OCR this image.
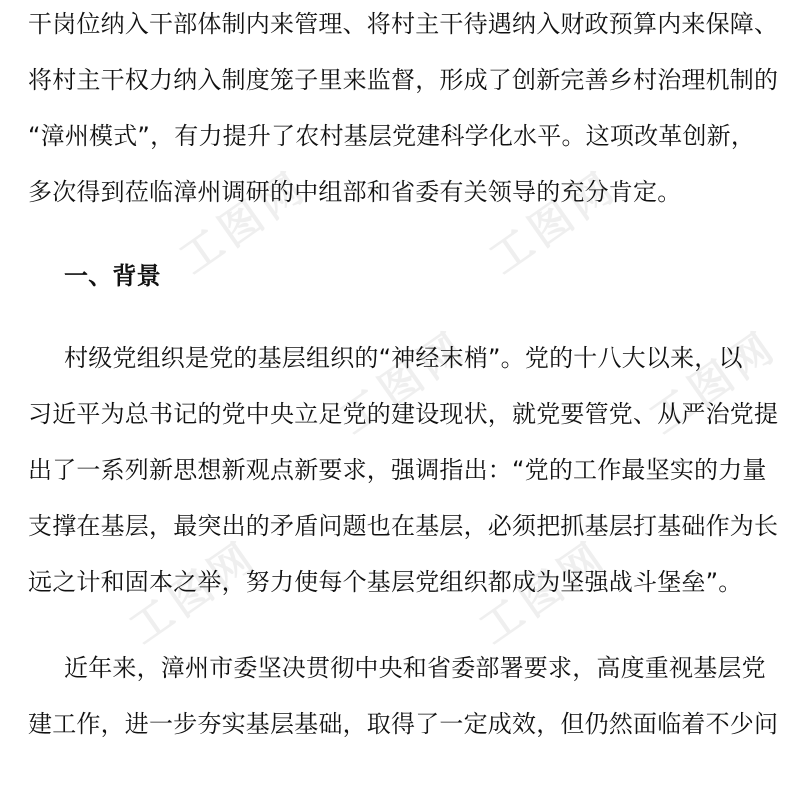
工图网	工图网
工图网	工图网
工图网	工图网
干岗位纳入干部体制内来管理、将村主干待遇纳入财政预算内来保障、
将村主干权力纳入制度笼子里来监督，形成了创新完善乡村治理机制的
“漳州模式”，有力提升了农村基层党建科学化水平。这项改革创新，
多次得到莅临漳州调研的中组部和省委有关领导的充分肯定。
一、背景
村级党组织是党的基层组织的“神经末梢”。党的十八大以来，以
习近平为总书记的党中央立足党的建设现状，就党要管党、从严治党提
出了一系列新思想新观点新要求，强调指出：“党的工作最坚实的力量
支撑在基层，最突出的矛盾问题也在基层，必须把抓基层打基础作为长
远之计和固本之举，努力使每个基层党组织都成为坚强战斗堡垒”。
近年来，漳州市委坚决贯彻中央和省委部署要求，高度重视基层党
建工作，进一步夯实基层基础，取得了一定成效，但仍然面临着不少问
